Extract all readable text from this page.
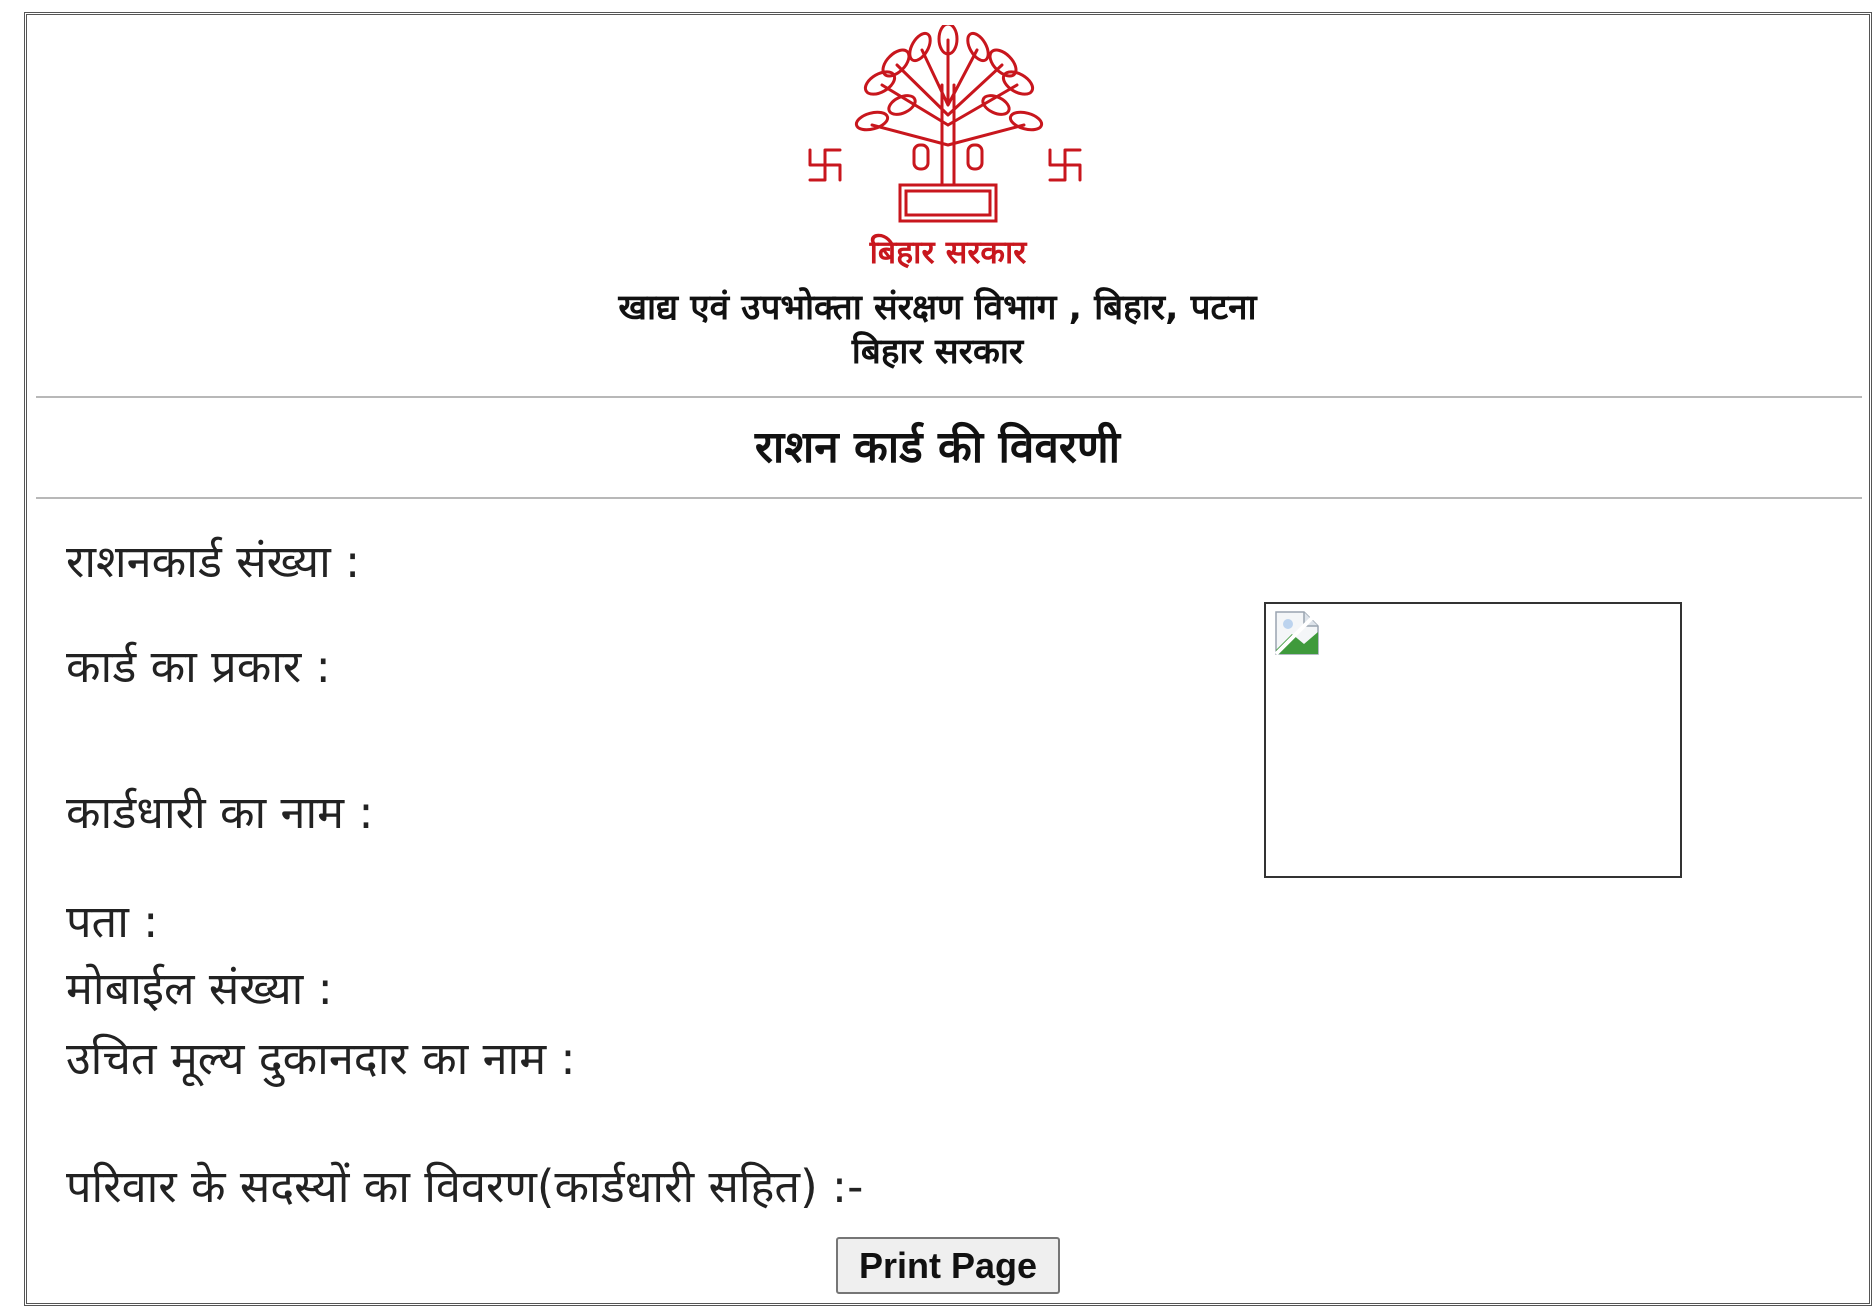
बिहार सरकार
खाद्य एवं उपभोक्ता संरक्षण विभाग , बिहार, पटना
बिहार सरकार
राशन कार्ड की विवरणी
राशनकार्ड संख्या :
कार्ड का प्रकार :
कार्डधारी का नाम :
पता :
मोबाईल संख्या :
उचित मूल्य दुकानदार का नाम :
परिवार के सदस्यों का विवरण(कार्डधारी सहित) :-
Print Page
